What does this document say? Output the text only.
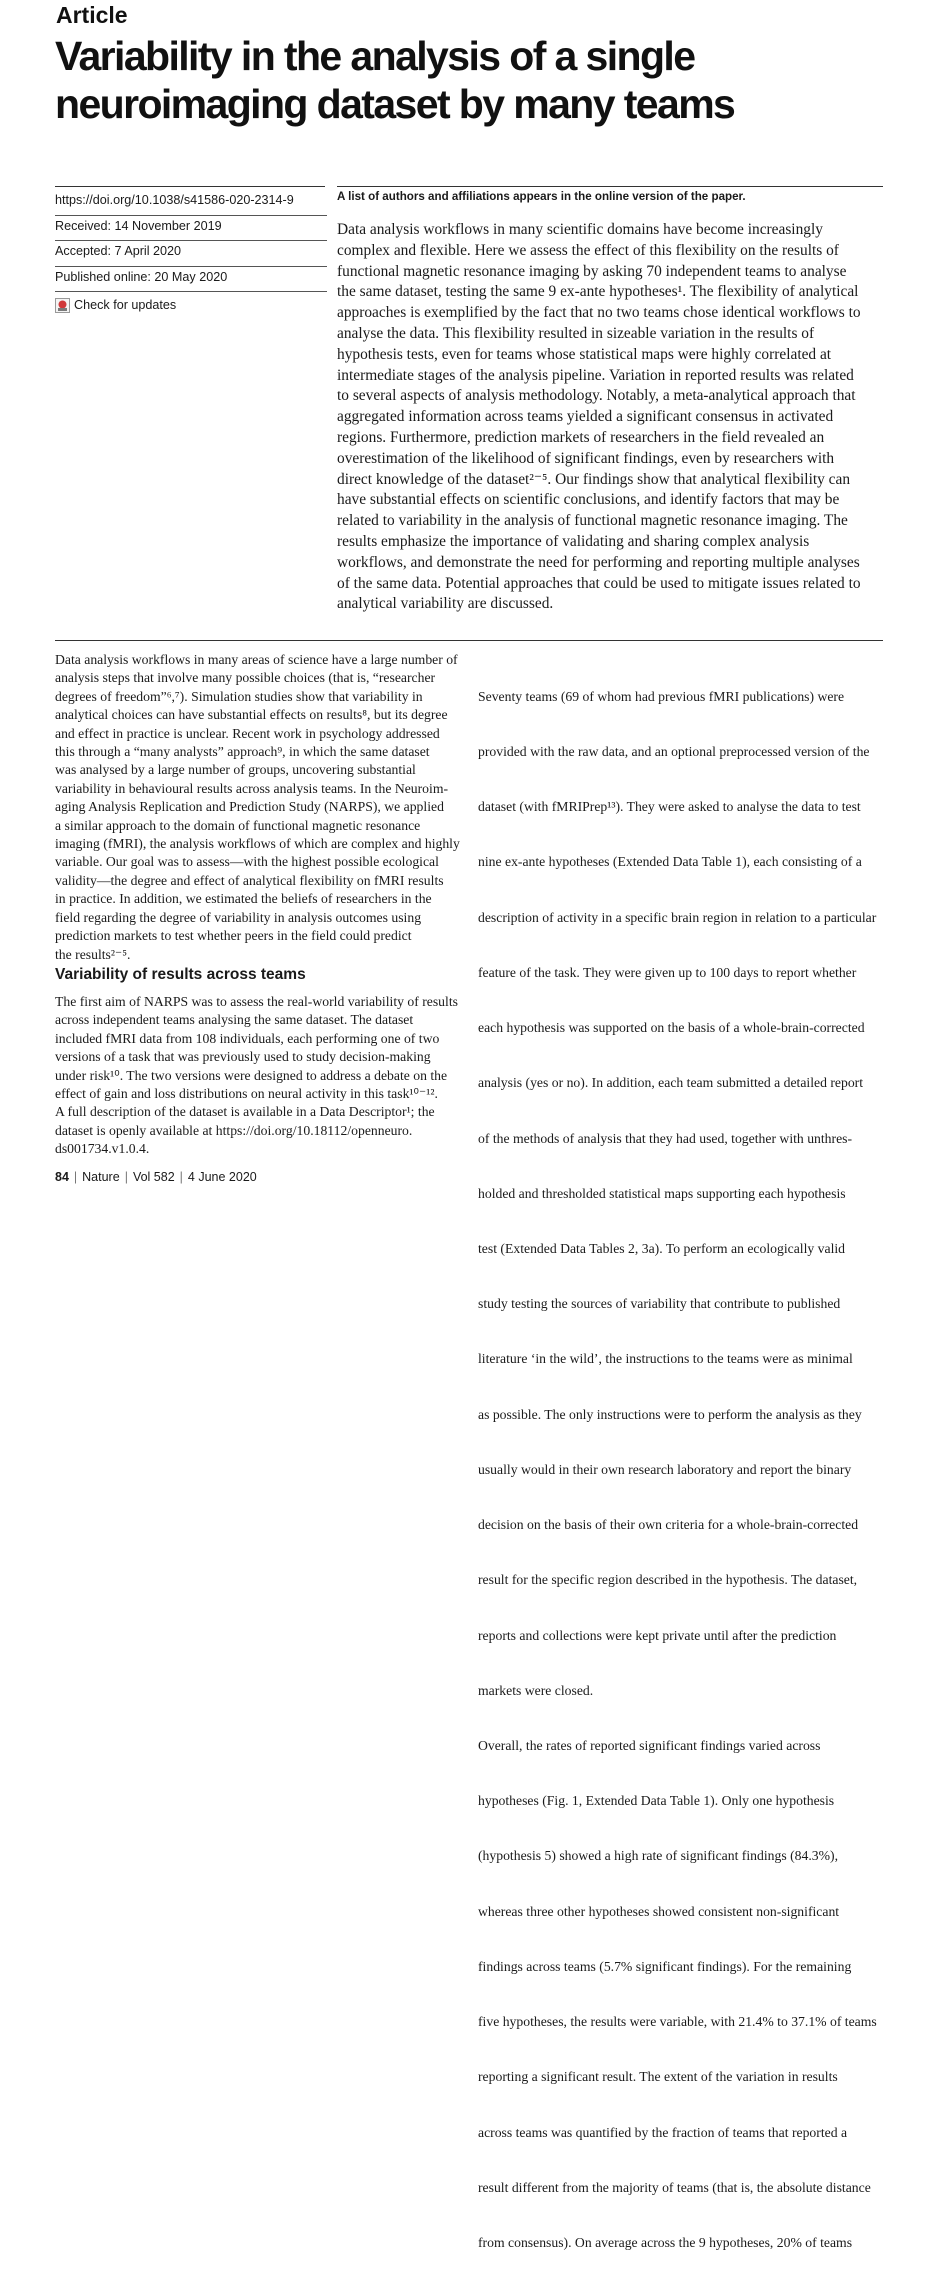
Article
Variability in the analysis of a single
neuroimaging dataset by many teams
https://doi.org/10.1038/s41586-020-2314-9
Received: 14 November 2019
Accepted: 7 April 2020
Published online: 20 May 2020
Check for updates
A list of authors and affiliations appears in the online version of the paper.
Data analysis workflows in many scientific domains have become increasingly
complex and flexible. Here we assess the effect of this flexibility on the results of
functional magnetic resonance imaging by asking 70 independent teams to analyse
the same dataset, testing the same 9 ex-ante hypotheses¹. The flexibility of analytical
approaches is exemplified by the fact that no two teams chose identical workflows to
analyse the data. This flexibility resulted in sizeable variation in the results of
hypothesis tests, even for teams whose statistical maps were highly correlated at
intermediate stages of the analysis pipeline. Variation in reported results was related
to several aspects of analysis methodology. Notably, a meta-analytical approach that
aggregated information across teams yielded a significant consensus in activated
regions. Furthermore, prediction markets of researchers in the field revealed an
overestimation of the likelihood of significant findings, even by researchers with
direct knowledge of the dataset²⁻⁵. Our findings show that analytical flexibility can
have substantial effects on scientific conclusions, and identify factors that may be
related to variability in the analysis of functional magnetic resonance imaging. The
results emphasize the importance of validating and sharing complex analysis
workflows, and demonstrate the need for performing and reporting multiple analyses
of the same data. Potential approaches that could be used to mitigate issues related to
analytical variability are discussed.
Data analysis workflows in many areas of science have a large number of
analysis steps that involve many possible choices (that is, “researcher
degrees of freedom”⁶,⁷). Simulation studies show that variability in
analytical choices can have substantial effects on results⁸, but its degree
and effect in practice is unclear. Recent work in psychology addressed
this through a “many analysts” approach⁹, in which the same dataset
was analysed by a large number of groups, uncovering substantial
variability in behavioural results across analysis teams. In the Neuroim-
aging Analysis Replication and Prediction Study (NARPS), we applied
a similar approach to the domain of functional magnetic resonance
imaging (fMRI), the analysis workflows of which are complex and highly
variable. Our goal was to assess—with the highest possible ecological
validity—the degree and effect of analytical flexibility on fMRI results
in practice. In addition, we estimated the beliefs of researchers in the
field regarding the degree of variability in analysis outcomes using
prediction markets to test whether peers in the field could predict
the results²⁻⁵.
Variability of results across teams
The first aim of NARPS was to assess the real-world variability of results
across independent teams analysing the same dataset. The dataset
included fMRI data from 108 individuals, each performing one of two
versions of a task that was previously used to study decision-making
under risk¹⁰. The two versions were designed to address a debate on the
effect of gain and loss distributions on neural activity in this task¹⁰⁻¹².
A full description of the dataset is available in a Data Descriptor¹; the
dataset is openly available at https://doi.org/10.18112/openneuro.
ds001734.v1.0.4.

Seventy teams (69 of whom had previous fMRI publications) were

provided with the raw data, and an optional preprocessed version of the

dataset (with fMRIPrep¹³). They were asked to analyse the data to test

nine ex-ante hypotheses (Extended Data Table 1), each consisting of a

description of activity in a specific brain region in relation to a particular

feature of the task. They were given up to 100 days to report whether

each hypothesis was supported on the basis of a whole-brain-corrected

analysis (yes or no). In addition, each team submitted a detailed report

of the methods of analysis that they had used, together with unthres-

holded and thresholded statistical maps supporting each hypothesis

test (Extended Data Tables 2, 3a). To perform an ecologically valid

study testing the sources of variability that contribute to published

literature ‘in the wild’, the instructions to the teams were as minimal

as possible. The only instructions were to perform the analysis as they

usually would in their own research laboratory and report the binary

decision on the basis of their own criteria for a whole-brain-corrected

result for the specific region described in the hypothesis. The dataset,

reports and collections were kept private until after the prediction

markets were closed.

Overall, the rates of reported significant findings varied across

hypotheses (Fig. 1, Extended Data Table 1). Only one hypothesis

(hypothesis 5) showed a high rate of significant findings (84.3%),

whereas three other hypotheses showed consistent non-significant

findings across teams (5.7% significant findings). For the remaining

five hypotheses, the results were variable, with 21.4% to 37.1% of teams

reporting a significant result. The extent of the variation in results

across teams was quantified by the fraction of teams that reported a

result different from the majority of teams (that is, the absolute distance

from consensus). On average across the 9 hypotheses, 20% of teams

84 | Nature | Vol 582 | 4 June 2020
